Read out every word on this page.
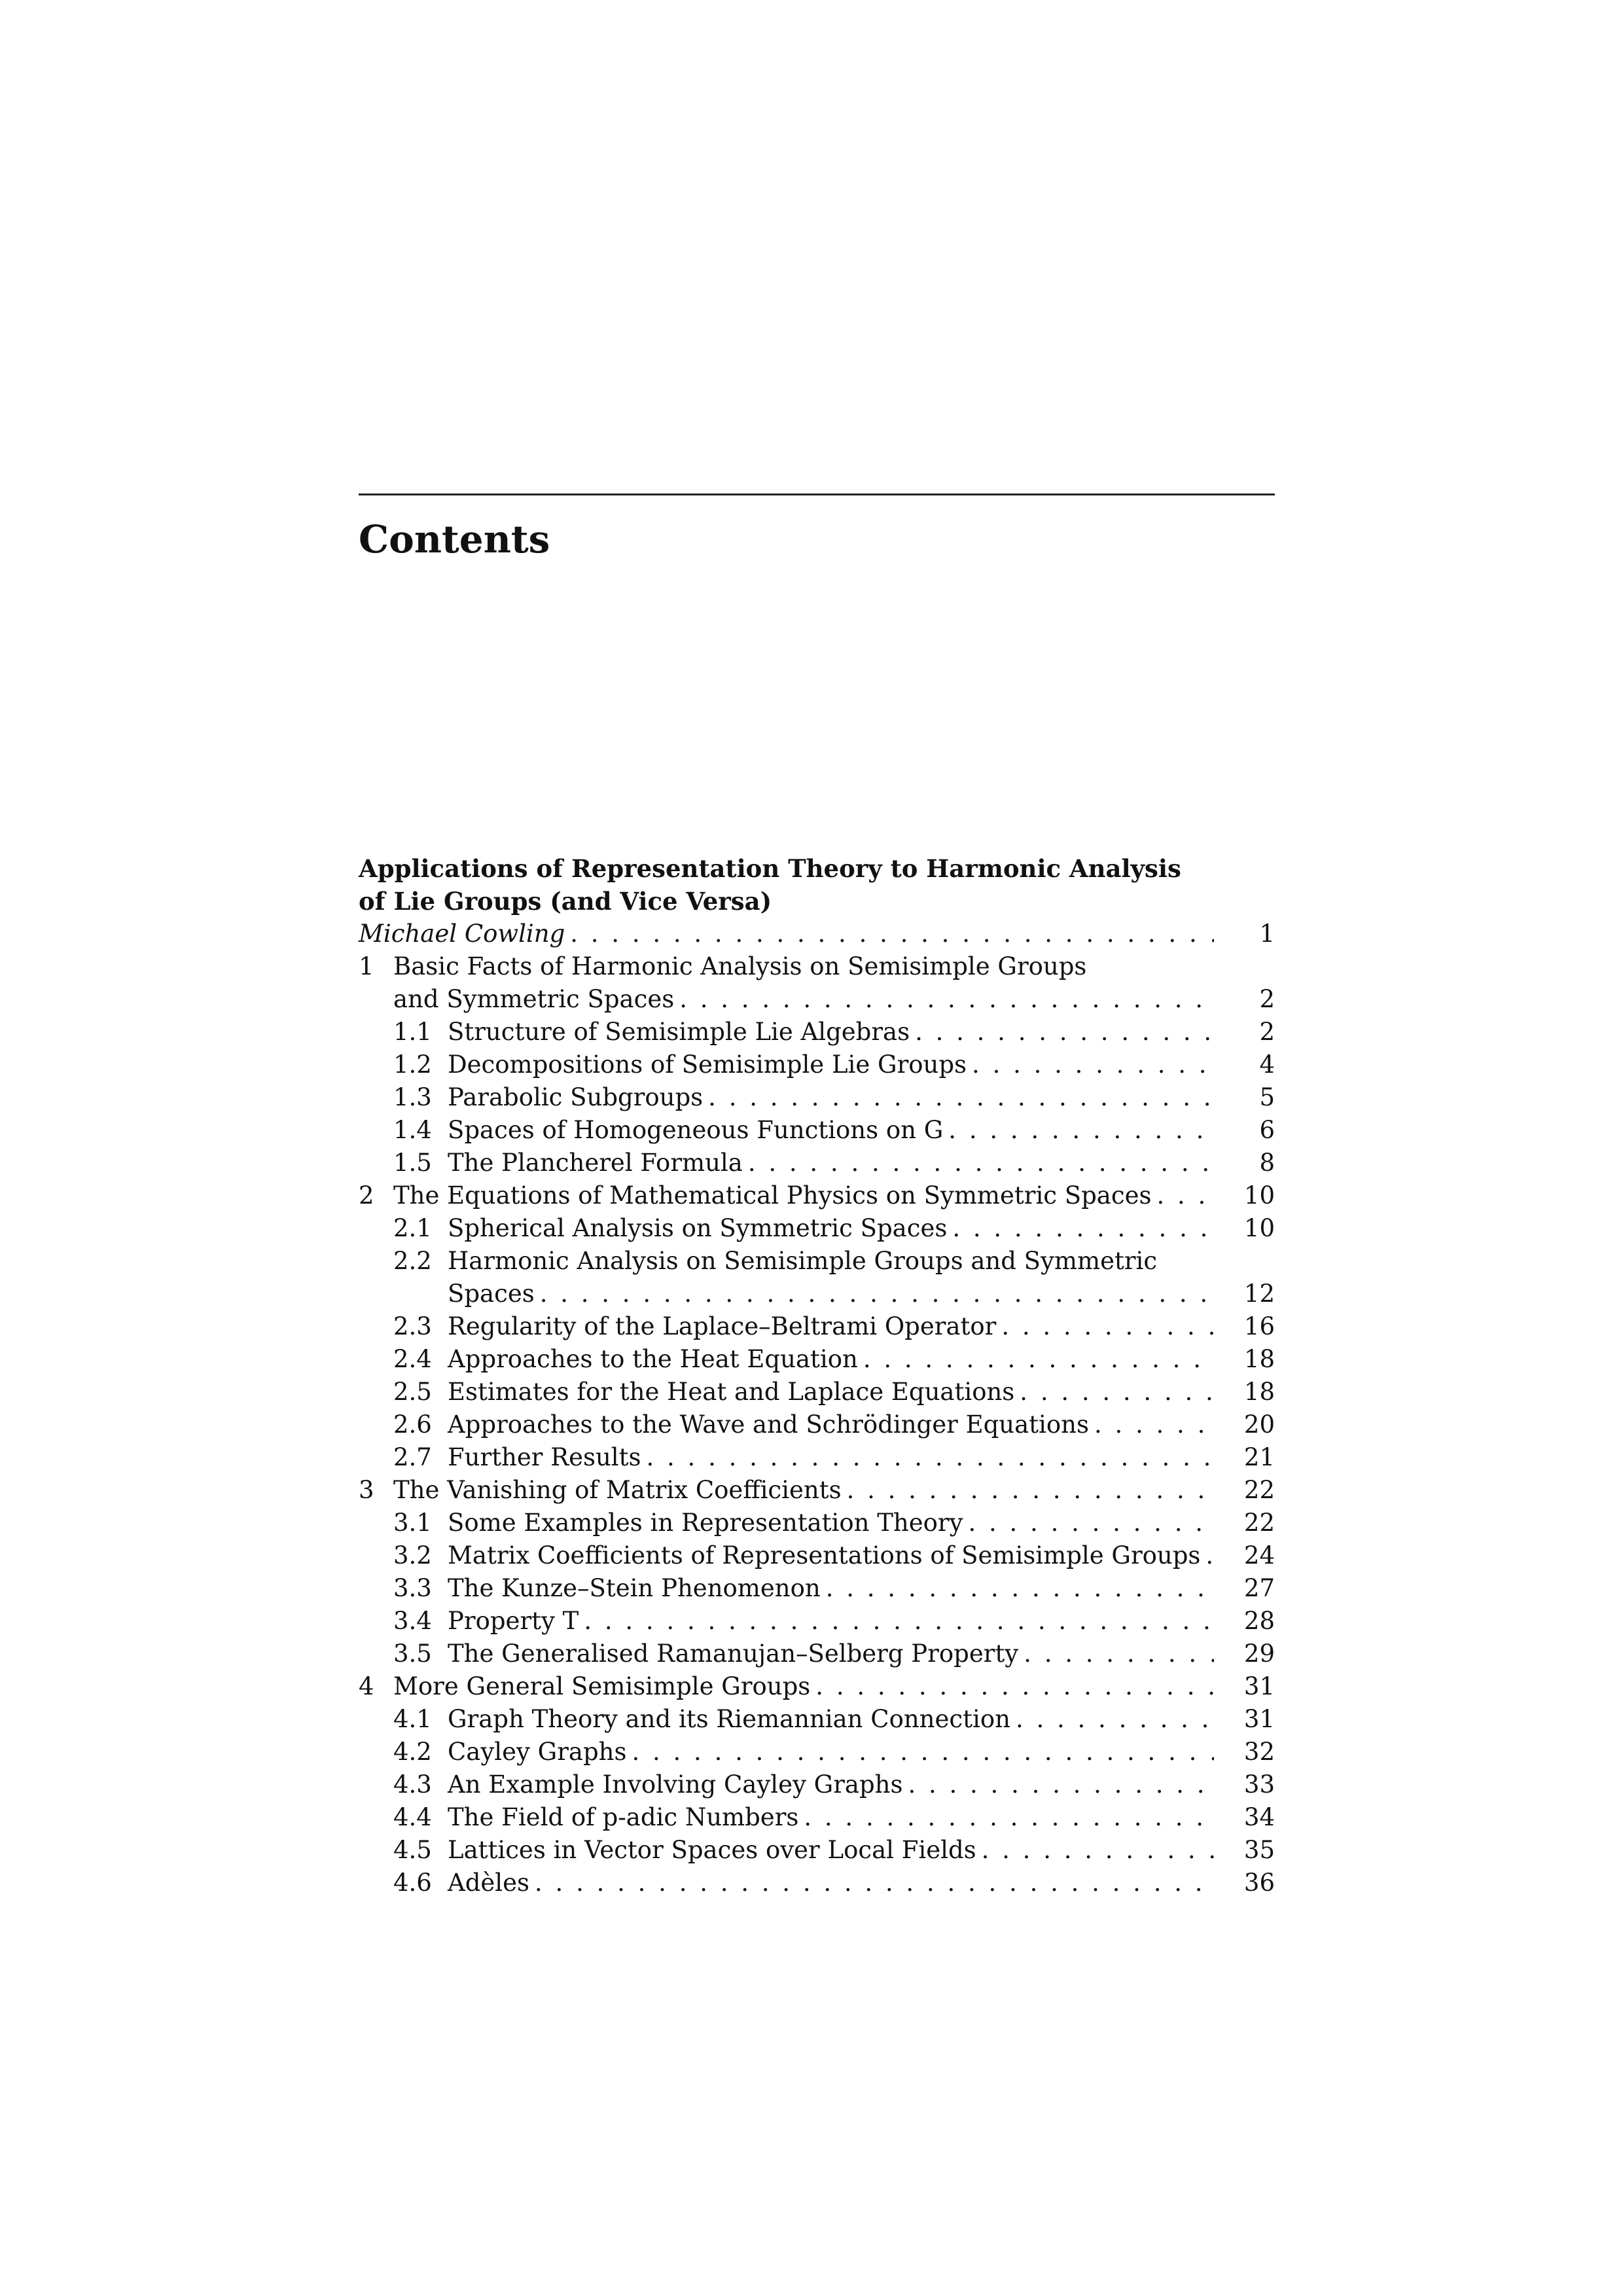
Contents
Applications of Representation Theory to Harmonic Analysis
of Lie Groups (and Vice Versa)
Michael Cowling . . .	1
1 Basic Facts of Harmonic Analysis on Semisimple Groups
and Symmetric Spaces . . .	2
1.1 Structure of Semisimple Lie Algebras . . .	2
1.2 Decompositions of Semisimple Lie Groups . . .	4
1.3 Parabolic Subgroups . . .	5
1.4 Spaces of Homogeneous Functions on G . . .	6
1.5 The Plancherel Formula . . .	8
2 The Equations of Mathematical Physics on Symmetric Spaces . . .	10
2.1 Spherical Analysis on Symmetric Spaces . . .	10
2.2 Harmonic Analysis on Semisimple Groups and Symmetric
Spaces . . .	12
2.3 Regularity of the Laplace–Beltrami Operator . . .	16
2.4 Approaches to the Heat Equation . . .	18
2.5 Estimates for the Heat and Laplace Equations . . .	18
2.6 Approaches to the Wave and Schrödinger Equations . . .	20
2.7 Further Results . . .	21
3 The Vanishing of Matrix Coefficients . . .	22
3.1 Some Examples in Representation Theory . . .	22
3.2 Matrix Coefficients of Representations of Semisimple Groups . . .	24
3.3 The Kunze–Stein Phenomenon . . .	27
3.4 Property T . . .	28
3.5 The Generalised Ramanujan–Selberg Property . . .	29
4 More General Semisimple Groups . . .	31
4.1 Graph Theory and its Riemannian Connection . . .	31
4.2 Cayley Graphs . . .	32
4.3 An Example Involving Cayley Graphs . . .	33
4.4 The Field of p-adic Numbers . . .	34
4.5 Lattices in Vector Spaces over Local Fields . . .	35
4.6 Adèles . . .	36
